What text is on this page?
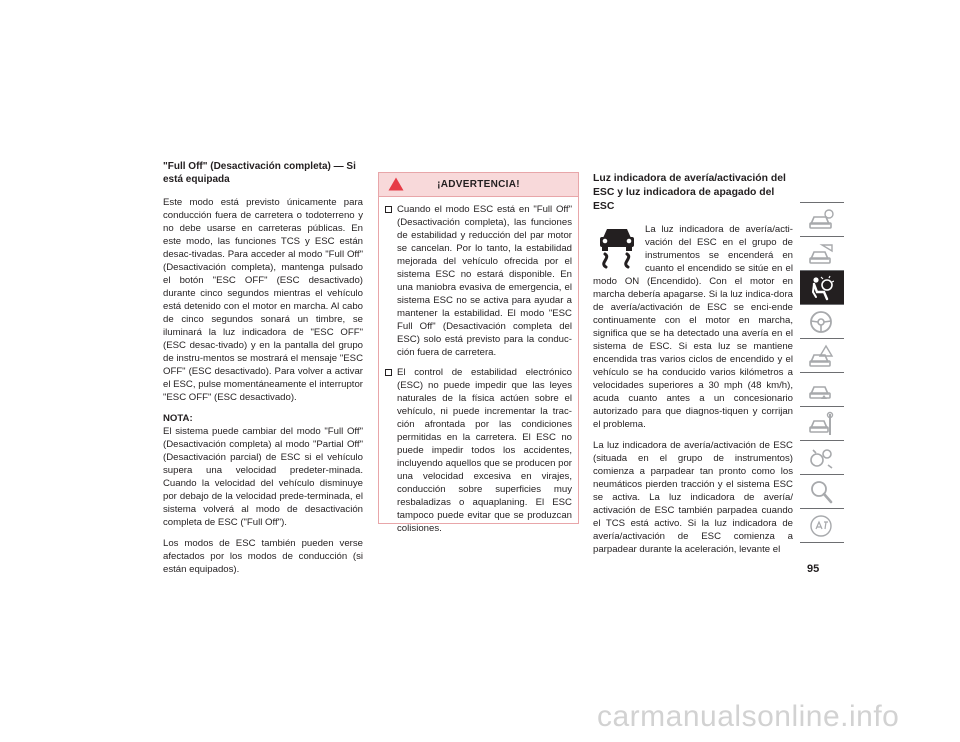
"Full Off" (Desactivación completa) — Si está equipada

Este modo está previsto únicamente para conducción fuera de carretera o todoterreno y no debe usarse en carreteras públicas. En este modo, las funciones TCS y ESC están desac-tivadas. Para acceder al modo "Full Off" (Desactivación completa), mantenga pulsado el botón "ESC OFF" (ESC desactivado) durante cinco segundos mientras el vehículo está detenido con el motor en marcha. Al cabo de cinco segundos sonará un timbre, se iluminará la luz indicadora de "ESC OFF" (ESC desac-tivado) y en la pantalla del grupo de instru-mentos se mostrará el mensaje "ESC OFF" (ESC desactivado). Para volver a activar el ESC, pulse momentáneamente el interruptor "ESC OFF" (ESC desactivado).

NOTA:

El sistema puede cambiar del modo "Full Off" (Desactivación completa) al modo "Partial Off" (Desactivación parcial) de ESC si el vehículo supera una velocidad predeter-minada. Cuando la velocidad del vehículo disminuye por debajo de la velocidad prede-terminada, el sistema volverá al modo de desactivación completa de ESC ("Full Off").

Los modos de ESC también pueden verse afectados por los modos de conducción (si están equipados).

¡ADVERTENCIA!
Cuando el modo ESC está en "Full Off" (Desactivación completa), las funciones de estabilidad y reducción del par motor se cancelan. Por lo tanto, la estabilidad mejorada del vehículo ofrecida por el sistema ESC no estará disponible. En una maniobra evasiva de emergencia, el sistema ESC no se activa para ayudar a mantener la estabilidad. El modo "ESC Full Off" (Desactivación completa del ESC) solo está previsto para la conduc-ción fuera de carretera.
El control de estabilidad electrónico (ESC) no puede impedir que las leyes naturales de la física actúen sobre el vehículo, ni puede incrementar la trac-ción afrontada por las condiciones permitidas en la carretera. El ESC no puede impedir todos los accidentes, incluyendo aquellos que se producen por una velocidad excesiva en virajes, conducción sobre superficies muy resbaladizas o aquaplaning. El ESC tampoco puede evitar que se produzcan colisiones.
Luz indicadora de avería/activación del ESC y luz indicadora de apagado del ESC

La luz indicadora de avería/acti-vación del ESC en el grupo de instrumentos se encenderá en cuanto el encendido se sitúe en el modo ON (Encendido). Con el motor en marcha debería apagarse. Si la luz indica-dora de avería/activación de ESC se enci-ende continuamente con el motor en marcha, significa que se ha detectado una avería en el sistema de ESC. Si esta luz se mantiene encendida tras varios ciclos de encendido y el vehículo se ha conducido varios kilómetros a velocidades superiores a 30 mph (48 km/h), acuda cuanto antes a un concesionario autorizado para que diagnos-tiquen y corrijan el problema.

La luz indicadora de avería/activación de ESC (situada en el grupo de instrumentos) comienza a parpadear tan pronto como los neumáticos pierden tracción y el sistema ESC se activa. La luz indicadora de avería/ activación de ESC también parpadea cuando el TCS está activo. Si la luz indicadora de avería/activación de ESC comienza a parpadear durante la aceleración, levante el

95
carmanualsonline.info
